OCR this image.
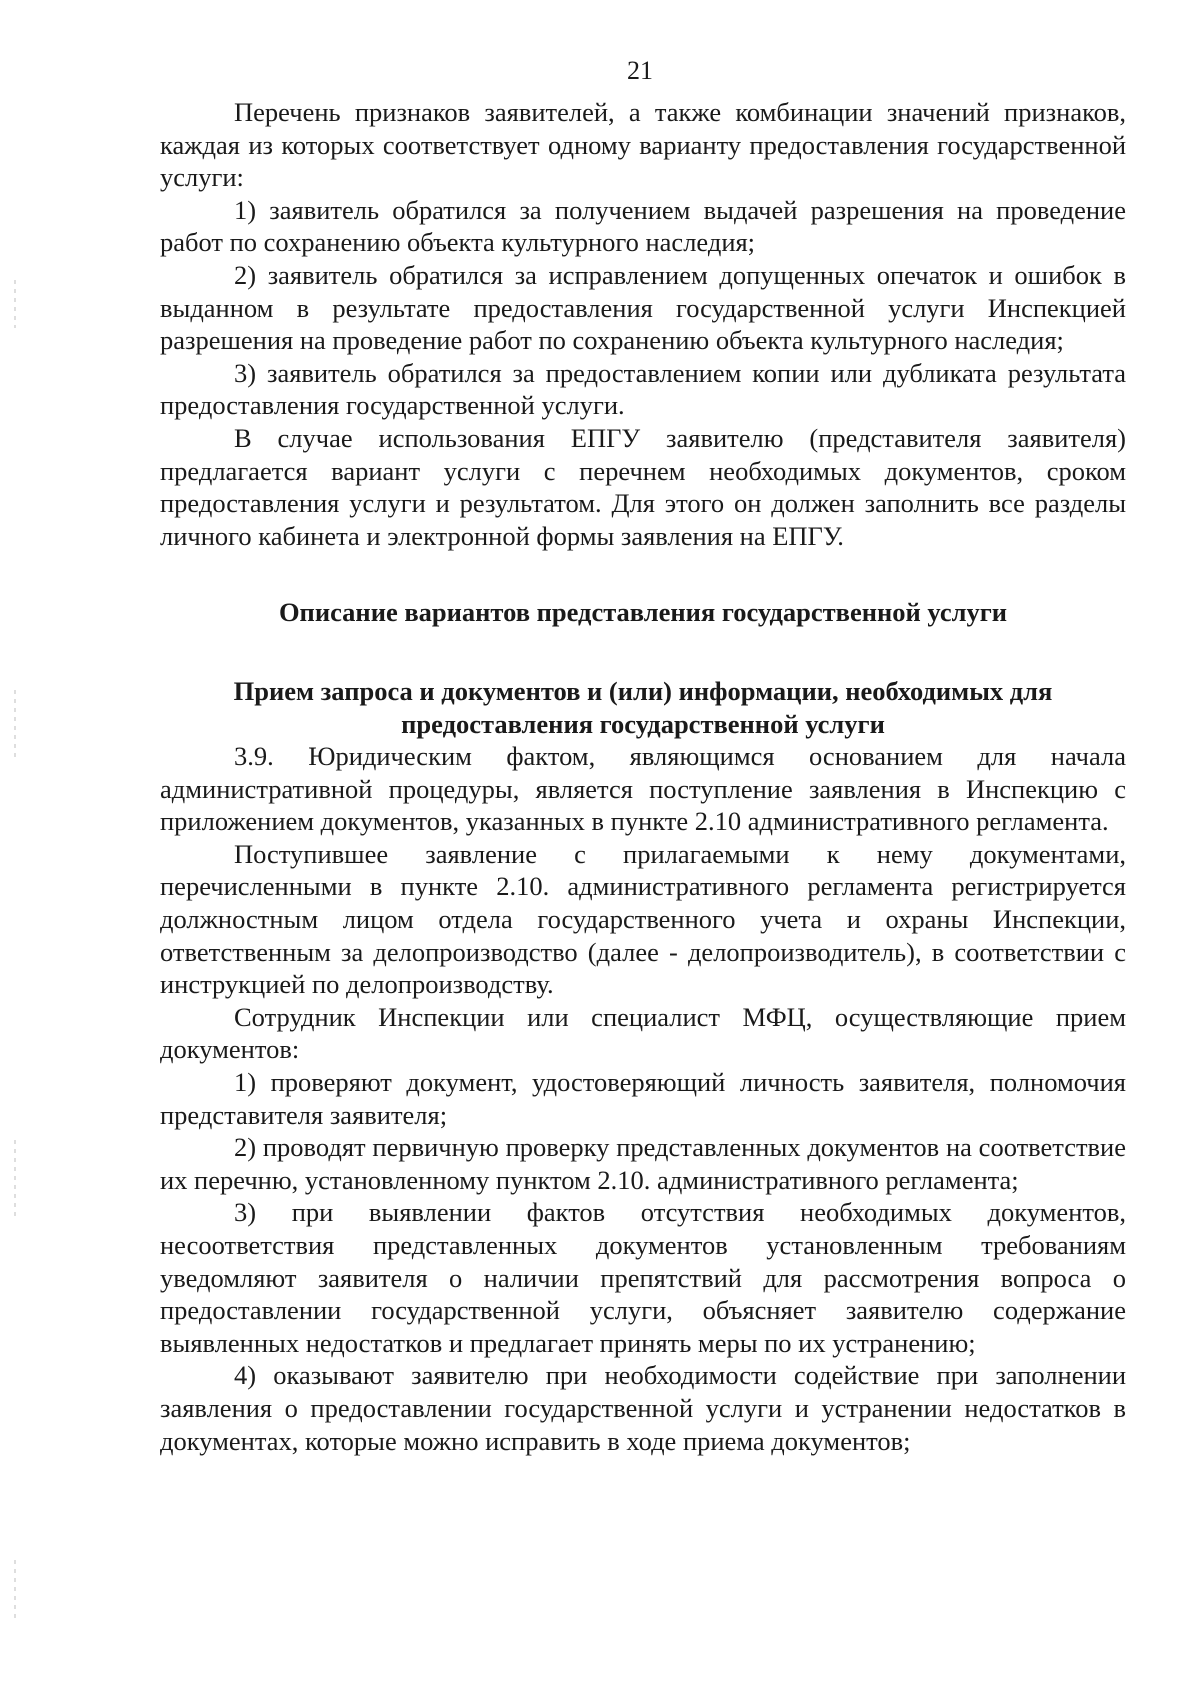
21

Перечень признаков заявителей, а также комбинации значений признаков, каждая из которых соответствует одному варианту предоставления государственной услуги:

1) заявитель обратился за получением выдачей разрешения на проведение работ по сохранению объекта культурного наследия;

2) заявитель обратился за исправлением допущенных опечаток и ошибок в выданном в результате предоставления государственной услуги Инспекцией разрешения на проведение работ по сохранению объекта культурного наследия;

3) заявитель обратился за предоставлением копии или дубликата результата предоставления государственной услуги.

В случае использования ЕПГУ заявителю (представителя заявителя) предлагается вариант услуги с перечнем необходимых документов, сроком предоставления услуги и результатом. Для этого он должен заполнить все разделы личного кабинета и электронной формы заявления на ЕПГУ.

Описание вариантов представления государственной услуги
Прием запроса и документов и (или) информации, необходимых для предоставления государственной услуги

3.9. Юридическим фактом, являющимся основанием для начала административной процедуры, является поступление заявления в Инспекцию с приложением документов, указанных в пункте 2.10 административного регламента.

Поступившее заявление с прилагаемыми к нему документами, перечисленными в пункте 2.10. административного регламента регистрируется должностным лицом отдела государственного учета и охраны Инспекции, ответственным за делопроизводство (далее - делопроизводитель), в соответствии с инструкцией по делопроизводству.

Сотрудник Инспекции или специалист МФЦ, осуществляющие прием документов:

1) проверяют документ, удостоверяющий личность заявителя, полномочия представителя заявителя;

2) проводят первичную проверку представленных документов на соответствие их перечню, установленному пунктом 2.10. административного регламента;

3) при выявлении фактов отсутствия необходимых документов, несоответствия представленных документов установленным требованиям уведомляют заявителя о наличии препятствий для рассмотрения вопроса о предоставлении государственной услуги, объясняет заявителю содержание выявленных недостатков и предлагает принять меры по их устранению;

4) оказывают заявителю при необходимости содействие при заполнении заявления о предоставлении государственной услуги и устранении недостатков в документах, которые можно исправить в ходе приема документов;
